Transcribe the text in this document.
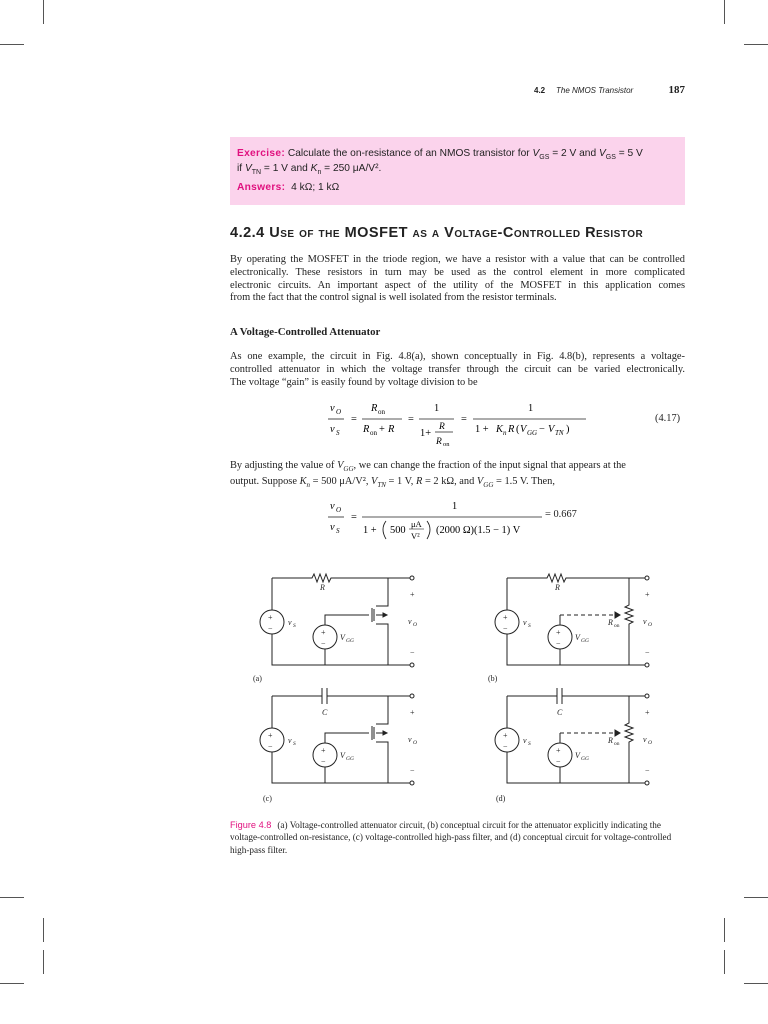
4.2 The NMOS Transistor	187
Exercise: Calculate the on-resistance of an NMOS transistor for $V_{GS} = 2$ V and $V_{GS} = 5$ V
if $V_{TN} = 1$ V and $K_n = 250$ μA/V².
Answers: 4 kΩ; 1 kΩ
4.2.4 Use of the MOSFET as a Voltage-Controlled Resistor
By operating the MOSFET in the triode region, we have a resistor with a value that can be controlled
electronically. These resistors in turn may be used as the control element in more complicated
electronic circuits. An important aspect of the utility of the MOSFET in this application comes
from the fact that the control signal is well isolated from the resistor terminals.
A Voltage-Controlled Attenuator
As one example, the circuit in Fig. 4.8(a), shown conceptually in Fig. 4.8(b), represents a voltage-
controlled attenuator in which the voltage transfer through the circuit can be varied electronically.
The voltage “gain” is easily found by voltage division to be
v O
v S
=
R on
R on + R
=
1
1+
R
R on
=
1
1 + K n R ( V GG − V TN )
(4.17)
By adjusting the value of $V_{GG}$, we can change the fraction of the input signal that appears at the
output. Suppose $K_n = 500$ μA/V², $V_{TN} = 1$ V, R = 2 kΩ, and $V_{GG} = 1.5$ V. Then,
v O
v S
=
1
1 + 500
μA
V² (2000 Ω)(1.5 − 1) V
= 0.667
R
+
−
v S
+
−
V GG
+
−
v O
(a)
R
+
−
v S
+
−
V GG
R on
+
−
v O
(b)
C
+
−
v S
+
−
V GG
+
−
v O
(c)
C
+
−
v S
+
−
V GG
R on
+
−
v O
(d)
Figure 4.8 (a) Voltage-controlled attenuator circuit, (b) conceptual circuit for the attenuator explicitly indicating the voltage-controlled on-resistance, (c) voltage-controlled high-pass filter, and (d) conceptual circuit for voltage-controlled high-pass filter.
